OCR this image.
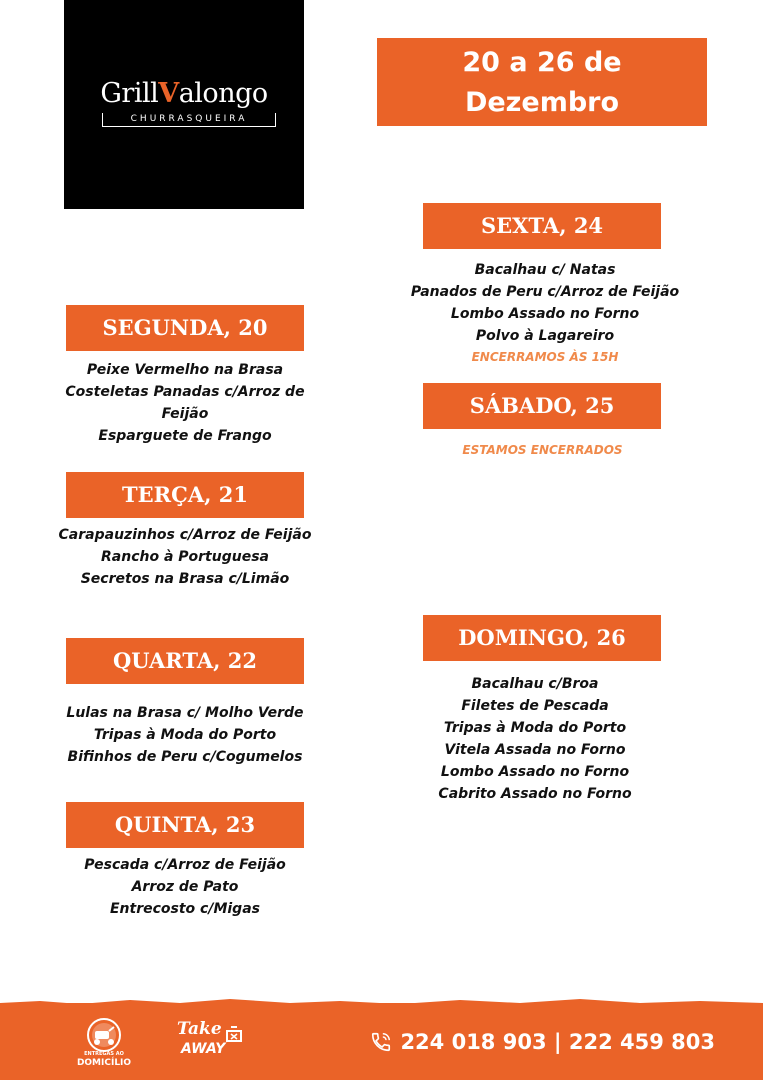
GrillValongo
CHURRASQUEIRA
20 a 26 de
Dezembro
SEGUNDA, 20
Peixe Vermelho na Brasa
Costeletas Panadas c/Arroz de
Feijão
Esparguete de Frango
TERÇA, 21
Carapauzinhos c/Arroz de Feijão
Rancho à Portuguesa
Secretos na Brasa c/Limão
QUARTA, 22
Lulas na Brasa c/ Molho Verde
Tripas à Moda do Porto
Bifinhos de Peru c/Cogumelos
QUINTA, 23
Pescada c/Arroz de Feijão
Arroz de Pato
Entrecosto c/Migas
SEXTA, 24
Bacalhau c/ Natas
Panados de Peru c/Arroz de Feijão
Lombo Assado no Forno
Polvo à Lagareiro
ENCERRAMOS ÀS 15H
SÁBADO, 25
ESTAMOS ENCERRADOS
DOMINGO, 26
Bacalhau c/Broa
Filetes de Pescada
Tripas à Moda do Porto
Vitela Assada no Forno
Lombo Assado no Forno
Cabrito Assado no Forno
ENTREGAS AO
DOMICÍLIO
Take
AWAY	224 018 903 | 222 459 803
